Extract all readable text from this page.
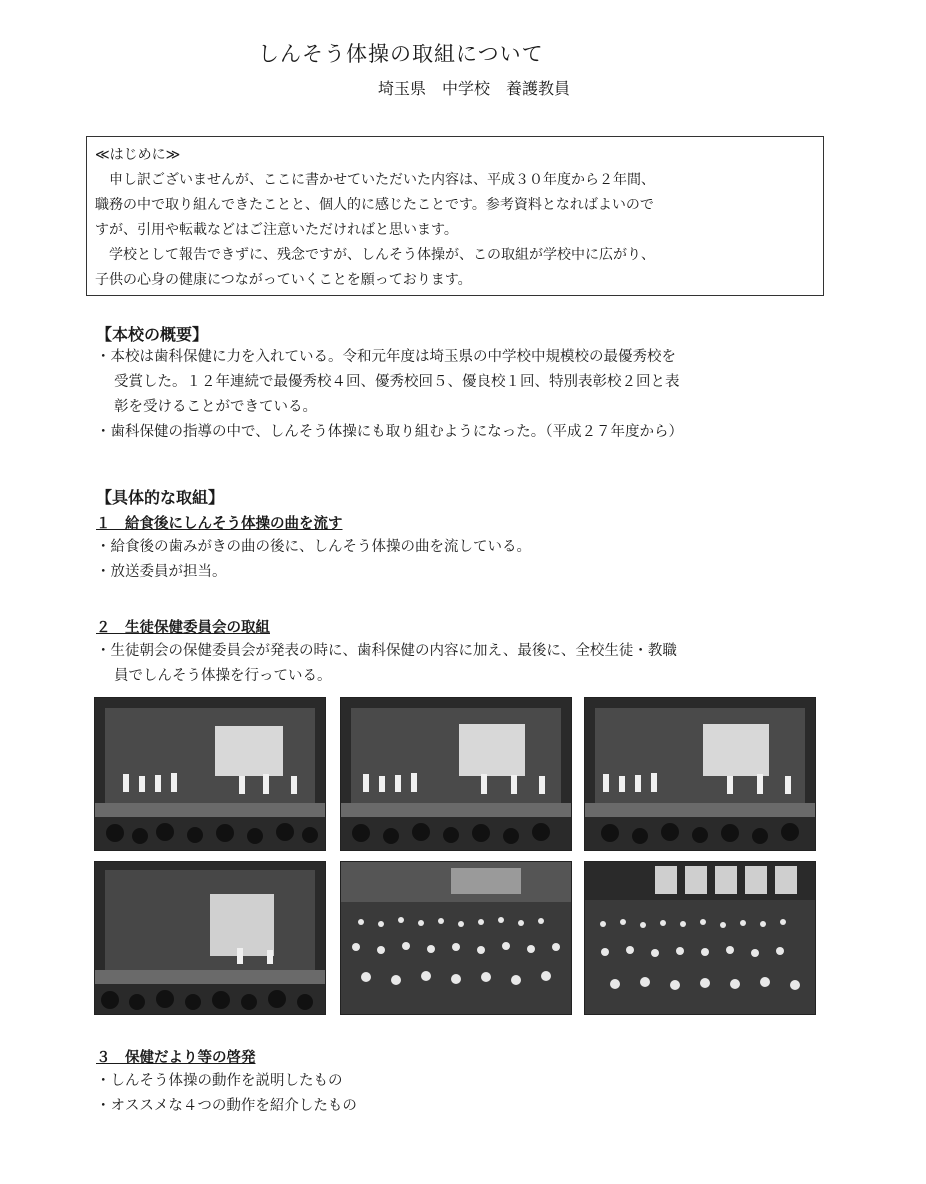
しんそう体操の取組について
埼玉県　中学校　養護教員

≪はじめに≫

申し訳ございませんが、ここに書かせていただいた内容は、平成３０年度から２年間、

職務の中で取り組んできたことと、個人的に感じたことです。参考資料となればよいので

すが、引用や転載などはご注意いただければと思います。

学校として報告できずに、残念ですが、しんそう体操が、この取組が学校中に広がり、

子供の心身の健康につながっていくことを願っております。

【本校の概要】

・本校は歯科保健に力を入れている。令和元年度は埼玉県の中学校中規模校の最優秀校を

受賞した。１２年連続で最優秀校４回、優秀校回５、優良校１回、特別表彰校２回と表

彰を受けることができている。

・歯科保健の指導の中で、しんそう体操にも取り組むようになった。（平成２７年度から）

【具体的な取組】
１　給食後にしんそう体操の曲を流す

・給食後の歯みがきの曲の後に、しんそう体操の曲を流している。

・放送委員が担当。

２　生徒保健委員会の取組

・生徒朝会の保健委員会が発表の時に、歯科保健の内容に加え、最後に、全校生徒・教職

員でしんそう体操を行っている。

３　保健だより等の啓発

・しんそう体操の動作を説明したもの

・オススメな４つの動作を紹介したもの
